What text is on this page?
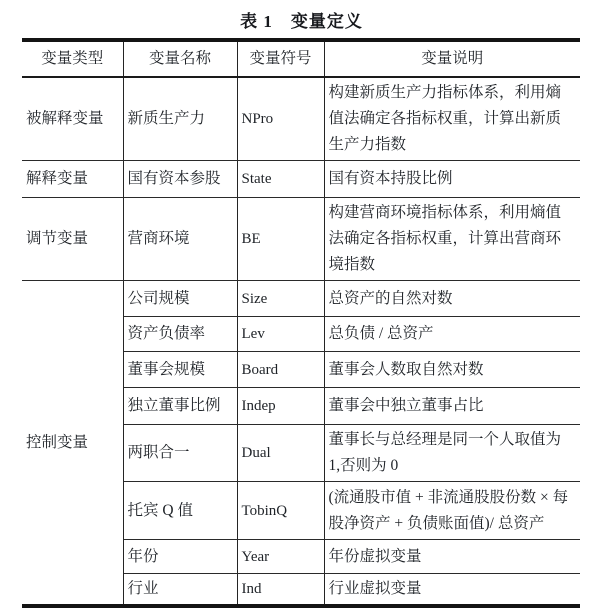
表 1　变量定义
变量类型	变量名称	变量符号	变量说明
被解释变量	新质生产力	NPro	构建新质生产力指标体系，利用熵值法确定各指标权重，计算出新质生产力指数
解释变量	国有资本参股	State	国有资本持股比例
调节变量	营商环境	BE	构建营商环境指标体系，利用熵值法确定各指标权重，计算出营商环境指数
控制变量	公司规模	Size	总资产的自然对数
	资产负债率	Lev	总负债 / 总资产
	董事会规模	Board	董事会人数取自然对数
	独立董事比例	Indep	董事会中独立董事占比
	两职合一	Dual	董事长与总经理是同一个人取值为 1,否则为 0
	托宾 Q 值	TobinQ	(流通股市值 + 非流通股股份数 × 每股净资产 + 负债账面值)/ 总资产
	年份	Year	年份虚拟变量
	行业	Ind	行业虚拟变量
